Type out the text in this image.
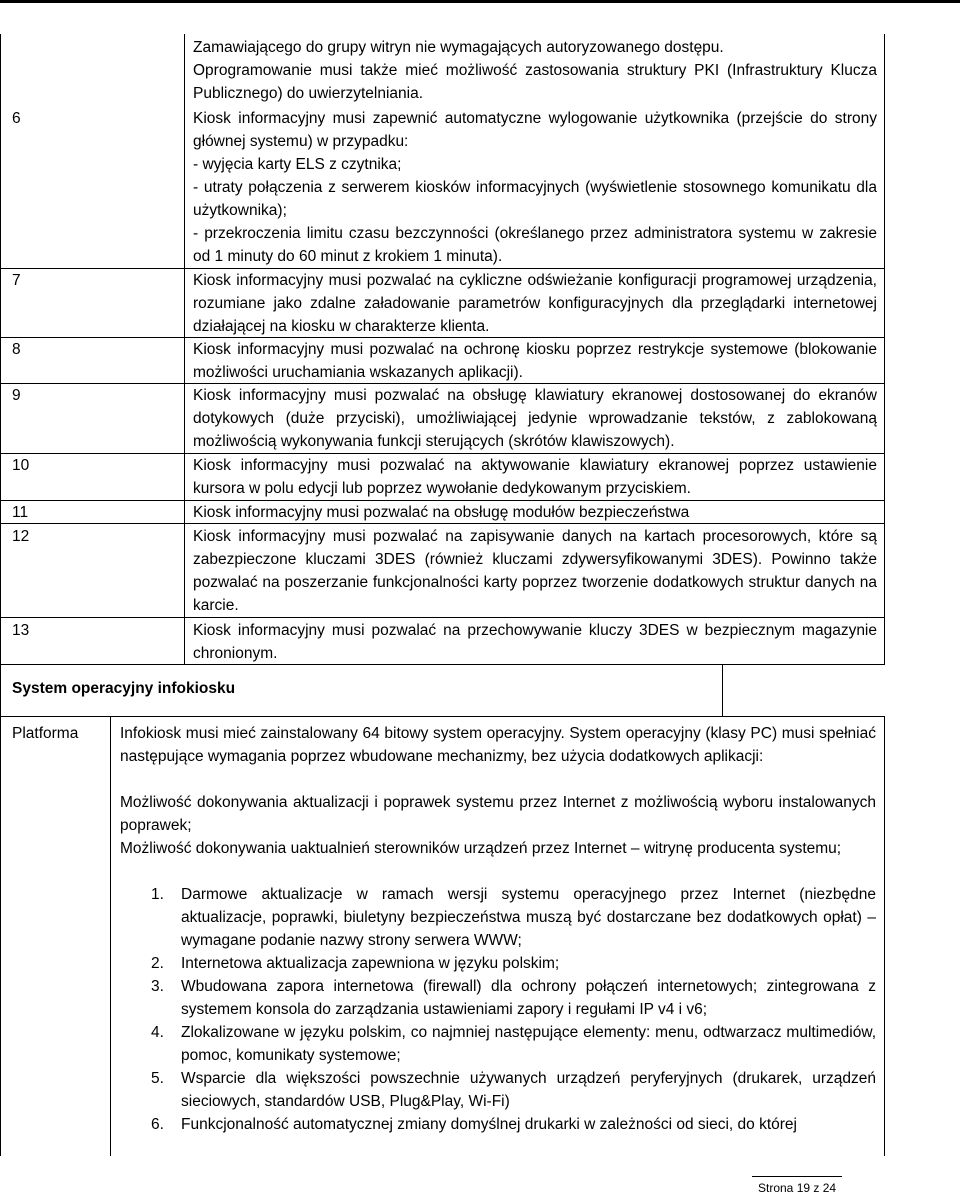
Zamawiającego do grupy witryn nie wymagających autoryzowanego dostępu.

Oprogramowanie musi także mieć możliwość zastosowania struktury PKI (Infrastruktury Klucza Publicznego) do uwierzytelniania.

6	Kiosk informacyjny musi zapewnić automatyczne wylogowanie użytkownika (przejście do strony głównej systemu) w przypadku:

- wyjęcia karty ELS z czytnika;

- utraty połączenia z serwerem kiosków informacyjnych (wyświetlenie stosownego komunikatu dla użytkownika);

- przekroczenia limitu czasu bezczynności (określanego przez administratora systemu w zakresie od 1 minuty do 60 minut z krokiem 1 minuta).

7	Kiosk informacyjny musi pozwalać na cykliczne odświeżanie konfiguracji programowej urządzenia, rozumiane jako zdalne załadowanie parametrów konfiguracyjnych dla przeglądarki internetowej działającej na kiosku w charakterze klienta.

8	Kiosk informacyjny musi pozwalać na ochronę kiosku poprzez restrykcje systemowe (blokowanie możliwości uruchamiania wskazanych aplikacji).

9	Kiosk informacyjny musi pozwalać na obsługę klawiatury ekranowej dostosowanej do ekranów dotykowych (duże przyciski), umożliwiającej jedynie wprowadzanie tekstów, z zablokowaną możliwością wykonywania funkcji sterujących (skrótów klawiszowych).

10	Kiosk informacyjny musi pozwalać na aktywowanie klawiatury ekranowej poprzez ustawienie kursora w polu edycji lub poprzez wywołanie dedykowanym przyciskiem.

11	Kiosk informacyjny musi pozwalać na obsługę modułów bezpieczeństwa

12	Kiosk informacyjny musi pozwalać na zapisywanie danych na kartach procesorowych, które są zabezpieczone kluczami 3DES (również kluczami zdywersyfikowanymi 3DES). Powinno także pozwalać na poszerzanie funkcjonalności karty poprzez tworzenie dodatkowych struktur danych na karcie.

13	Kiosk informacyjny musi pozwalać na przechowywanie kluczy 3DES w bezpiecznym magazynie chronionym.

System operacyjny infokiosku

Platforma	Infokiosk musi mieć zainstalowany 64 bitowy system operacyjny. System operacyjny (klasy PC) musi spełniać następujące wymagania poprzez wbudowane mechanizmy, bez użycia dodatkowych aplikacji:

Możliwość dokonywania aktualizacji i poprawek systemu przez Internet z możliwością wyboru instalowanych poprawek;

Możliwość dokonywania uaktualnień sterowników urządzeń przez Internet – witrynę producenta systemu;

1. Darmowe aktualizacje w ramach wersji systemu operacyjnego przez Internet (niezbędne aktualizacje, poprawki, biuletyny bezpieczeństwa muszą być dostarczane bez dodatkowych opłat) – wymagane podanie nazwy strony serwera WWW;
2. Internetowa aktualizacja zapewniona w języku polskim;
3. Wbudowana zapora internetowa (firewall) dla ochrony połączeń internetowych; zintegrowana z systemem konsola do zarządzania ustawieniami zapory i regułami IP v4 i v6;
4. Zlokalizowane w języku polskim, co najmniej następujące elementy: menu, odtwarzacz multimediów, pomoc, komunikaty systemowe;
5. Wsparcie dla większości powszechnie używanych urządzeń peryferyjnych (drukarek, urządzeń sieciowych, standardów USB, Plug&Play, Wi-Fi)
6. Funkcjonalność automatycznej zmiany domyślnej drukarki w zależności od sieci, do której
Strona 19 z 24
